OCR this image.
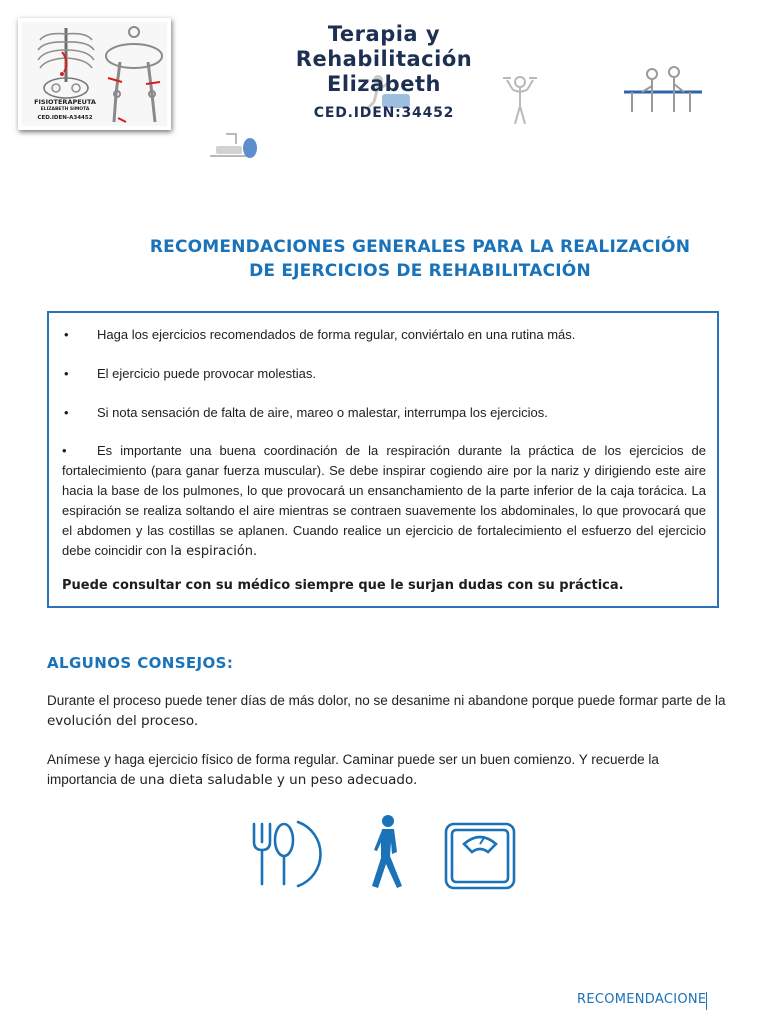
FISIOTERAPEUTA
ELIZABETH SIMOTA
CED.IDEN-A34452
Terapia y
Rehabilitación
Elizabeth
CED.IDEN:34452
RECOMENDACIONES GENERALES PARA LA REALIZACIÓN
DE EJERCICIOS DE REHABILITACIÓN
•	Haga los ejercicios recomendados de forma regular, conviértalo en una rutina más.
•	El ejercicio puede provocar molestias.
•	Si nota sensación de falta de aire, mareo o malestar, interrumpa los ejercicios.
• Es importante una buena coordinación de la respiración durante la práctica de los ejercicios de fortalecimiento (para ganar fuerza muscular). Se debe inspirar cogiendo aire por la nariz y dirigiendo este aire hacia la base de los pulmones, lo que provocará un ensanchamiento de la parte inferior de la caja torácica. La espiración se realiza soltando el aire mientras se contraen suavemente los abdominales, lo que provocará que el abdomen y las costillas se aplanen. Cuando realice un ejercicio de fortalecimiento el esfuerzo del ejercicio debe coincidir con la espiración.
Puede consultar con su médico siempre que le surjan dudas con su práctica.
ALGUNOS CONSEJOS:
Durante el proceso puede tener días de más dolor, no se desanime ni abandone porque puede formar parte de la evolución del proceso.
Anímese y haga ejercicio físico de forma regular. Caminar puede ser un buen comienzo. Y recuerde la importancia de una dieta saludable y un peso adecuado.
RECOMENDACIONE
